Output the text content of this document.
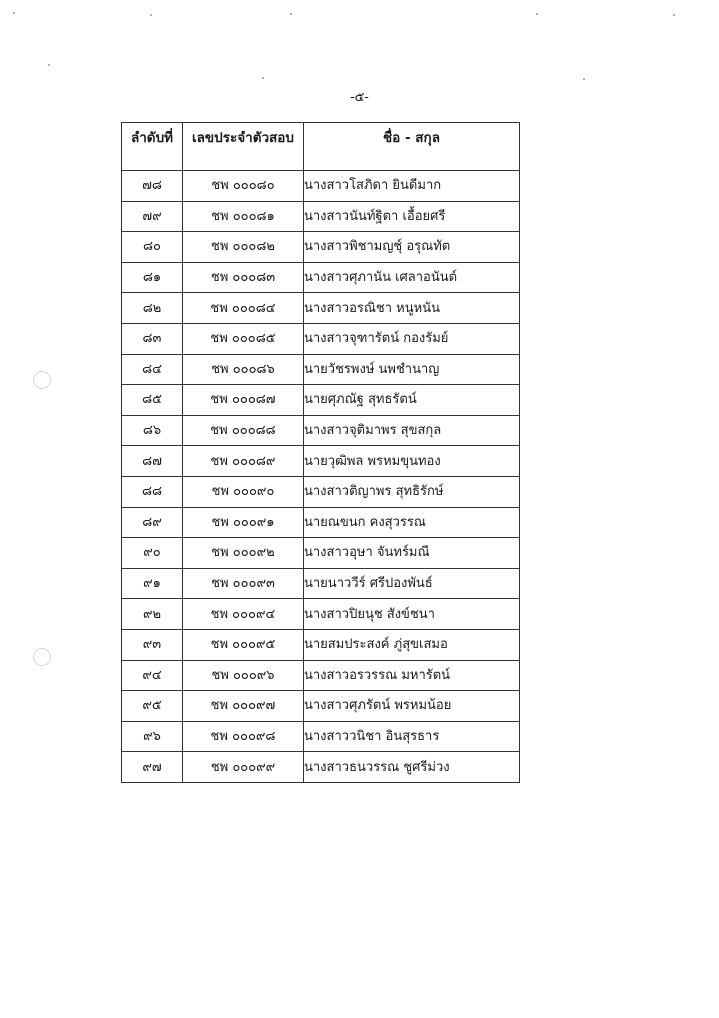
-๕-
ลำดับที่	เลขประจำตัวสอบ	ชื่อ - สกุล
๗๘	ชพ ๐๐๐๘๐	นางสาวโสภิดา ยินดีมาก
๗๙	ชพ ๐๐๐๘๑	นางสาวนันท์ฐิตา เอื้อยศรี
๘๐	ชพ ๐๐๐๘๒	นางสาวพิชามญชุ์ อรุณทัต
๘๑	ชพ ๐๐๐๘๓	นางสาวศุภานัน เศลาอนันต์
๘๒	ชพ ๐๐๐๘๔	นางสาวอรณิชา หนูหนัน
๘๓	ชพ ๐๐๐๘๕	นางสาวจุฑารัตน์ กองรัมย์
๘๔	ชพ ๐๐๐๘๖	นายวัชรพงษ์ นพชำนาญ
๘๕	ชพ ๐๐๐๘๗	นายศุภณัฐ สุทธรัตน์
๘๖	ชพ ๐๐๐๘๘	นางสาวจุติมาพร สุขสกุล
๘๗	ชพ ๐๐๐๘๙	นายวุฒิพล พรหมขุนทอง
๘๘	ชพ ๐๐๐๙๐	นางสาวติญาพร สุทธิรักษ์
๘๙	ชพ ๐๐๐๙๑	นายณขนก คงสุวรรณ
๙๐	ชพ ๐๐๐๙๒	นางสาวอุษา จันทร์มณี
๙๑	ชพ ๐๐๐๙๓	นายนาววีร์ ศรีปองพันธ์
๙๒	ชพ ๐๐๐๙๔	นางสาวปิยนุช สังข์ชนา
๙๓	ชพ ๐๐๐๙๕	นายสมประสงค์ ภู่สุขเสมอ
๙๔	ชพ ๐๐๐๙๖	นางสาวอรวรรณ มหารัตน์
๙๕	ชพ ๐๐๐๙๗	นางสาวศุภรัตน์ พรหมน้อย
๙๖	ชพ ๐๐๐๙๘	นางสาววนิชา อินสุรธาร
๙๗	ชพ ๐๐๐๙๙	นางสาวธนวรรณ ชูศรีม่วง
